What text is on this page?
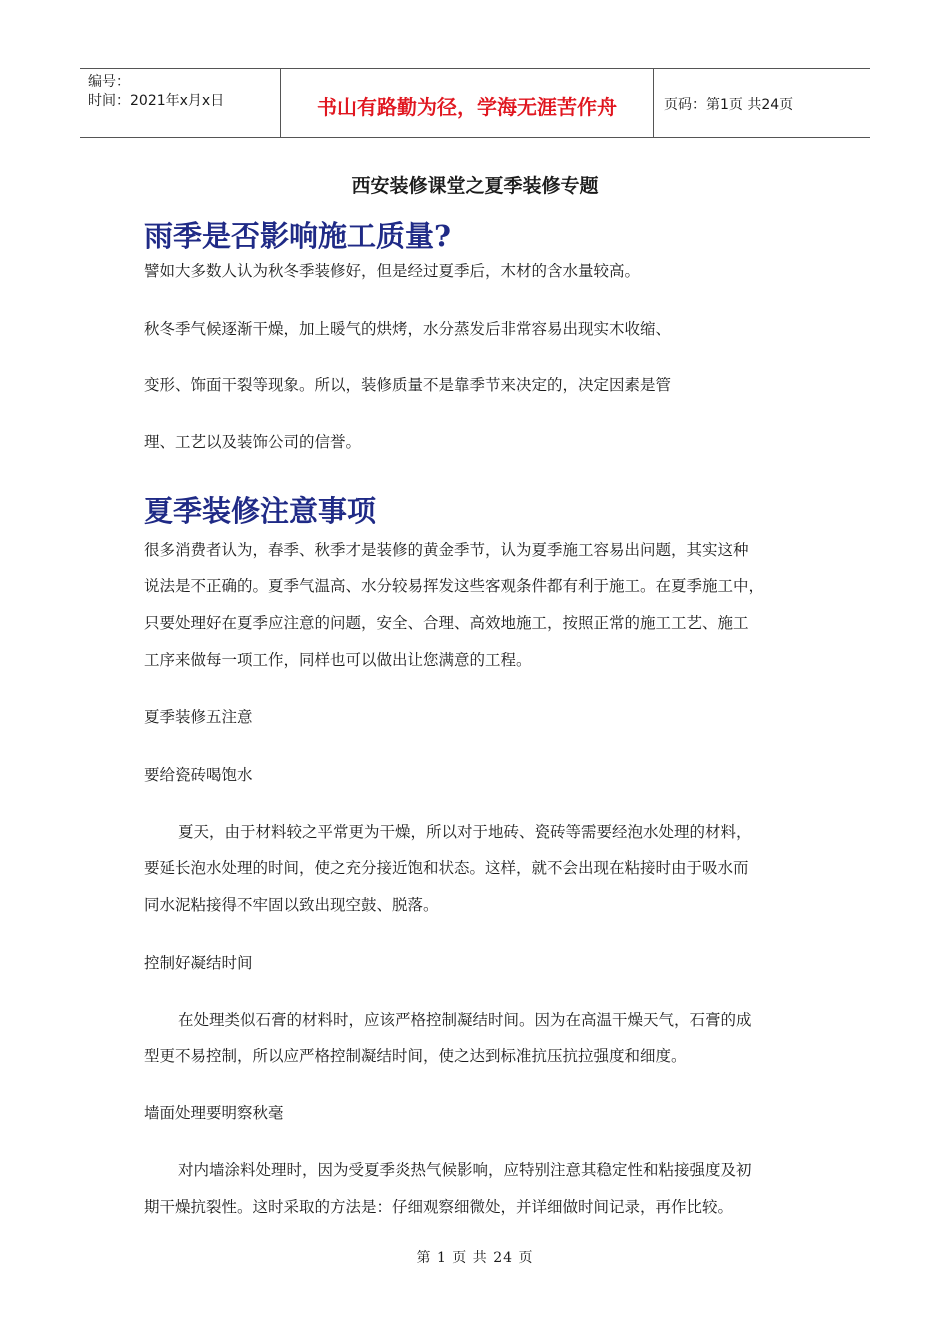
编号：
时间：2021年x月x日	书山有路勤为径，学海无涯苦作舟	页码：第1页 共24页
西安装修课堂之夏季装修专题
雨季是否影响施工质量?

譬如大多数人认为秋冬季装修好，但是经过夏季后，木材的含水量较高。

秋冬季气候逐渐干燥，加上暖气的烘烤，水分蒸发后非常容易出现实木收缩、

变形、饰面干裂等现象。所以，装修质量不是靠季节来决定的，决定因素是管

理、工艺以及装饰公司的信誉。

夏季装修注意事项

很多消费者认为，春季、秋季才是装修的黄金季节，认为夏季施工容易出问题，其实这种

说法是不正确的。夏季气温高、水分较易挥发这些客观条件都有利于施工。在夏季施工中，

只要处理好在夏季应注意的问题，安全、合理、高效地施工，按照正常的施工工艺、施工

工序来做每一项工作，同样也可以做出让您满意的工程。

夏季装修五注意

要给瓷砖喝饱水

夏天，由于材料较之平常更为干燥，所以对于地砖、瓷砖等需要经泡水处理的材料，

要延长泡水处理的时间，使之充分接近饱和状态。这样，就不会出现在粘接时由于吸水而

同水泥粘接得不牢固以致出现空鼓、脱落。

控制好凝结时间

在处理类似石膏的材料时，应该严格控制凝结时间。因为在高温干燥天气，石膏的成

型更不易控制，所以应严格控制凝结时间，使之达到标准抗压抗拉强度和细度。

墙面处理要明察秋毫

对内墙涂料处理时，因为受夏季炎热气候影响，应特别注意其稳定性和粘接强度及初

期干燥抗裂性。这时采取的方法是：仔细观察细微处，并详细做时间记录，再作比较。

第 1 页 共 24 页
